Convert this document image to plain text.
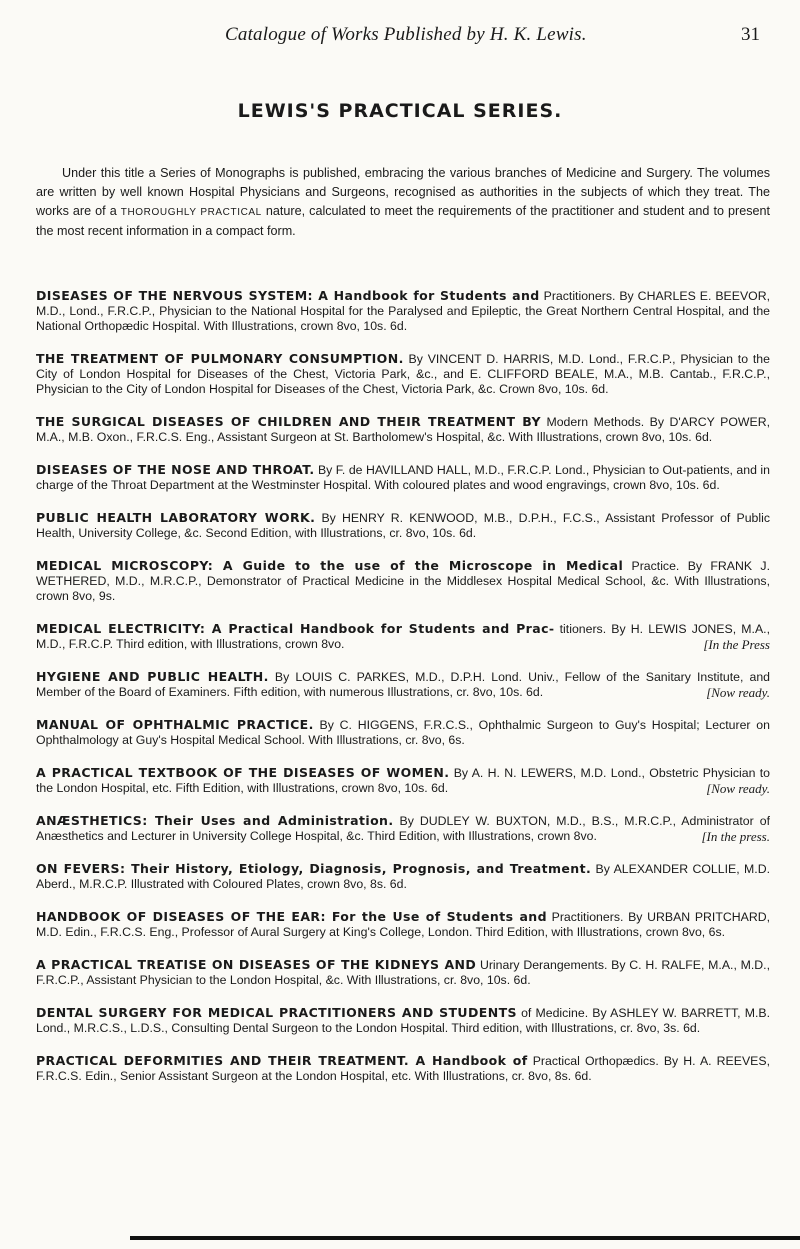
Catalogue of Works Published by H. K. Lewis.	31
LEWIS'S PRACTICAL SERIES.

Under this title a Series of Monographs is published, embracing the various branches of Medicine and Surgery. The volumes are written by well known Hospital Physicians and Surgeons, recognised as authorities in the subjects of which they treat. The works are of a THOROUGHLY PRACTICAL nature, calculated to meet the requirements of the practitioner and student and to present the most recent information in a compact form.

DISEASES OF THE NERVOUS SYSTEM: A Handbook for Students and Practitioners. By CHARLES E. BEEVOR, M.D., Lond., F.R.C.P., Physician to the National Hospital for the Paralysed and Epileptic, the Great Northern Central Hospital, and the National Orthopædic Hospital. With Illustrations, crown 8vo, 10s. 6d.

THE TREATMENT OF PULMONARY CONSUMPTION. By VINCENT D. HARRIS, M.D. Lond., F.R.C.P., Physician to the City of London Hospital for Diseases of the Chest, Victoria Park, &c., and E. CLIFFORD BEALE, M.A., M.B. Cantab., F.R.C.P., Physician to the City of London Hospital for Diseases of the Chest, Victoria Park, &c. Crown 8vo, 10s. 6d.

THE SURGICAL DISEASES OF CHILDREN AND THEIR TREATMENT BY Modern Methods. By D'ARCY POWER, M.A., M.B. Oxon., F.R.C.S. Eng., Assistant Surgeon at St. Bartholomew's Hospital, &c. With Illustrations, crown 8vo, 10s. 6d.

DISEASES OF THE NOSE AND THROAT. By F. de HAVILLAND HALL, M.D., F.R.C.P. Lond., Physician to Out-patients, and in charge of the Throat Department at the Westminster Hospital. With coloured plates and wood engravings, crown 8vo, 10s. 6d.

PUBLIC HEALTH LABORATORY WORK. By HENRY R. KENWOOD, M.B., D.P.H., F.C.S., Assistant Professor of Public Health, University College, &c. Second Edition, with Illustrations, cr. 8vo, 10s. 6d.

MEDICAL MICROSCOPY: A Guide to the use of the Microscope in Medical Practice. By FRANK J. WETHERED, M.D., M.R.C.P., Demonstrator of Practical Medicine in the Middlesex Hospital Medical School, &c. With Illustrations, crown 8vo, 9s.

MEDICAL ELECTRICITY: A Practical Handbook for Students and Prac- titioners. By H. LEWIS JONES, M.A., M.D., F.R.C.P. Third edition, with Illustrations, crown 8vo.	[In the Press

HYGIENE AND PUBLIC HEALTH. By LOUIS C. PARKES, M.D., D.P.H. Lond. Univ., Fellow of the Sanitary Institute, and Member of the Board of Examiners. Fifth edition, with numerous Illustrations, cr. 8vo, 10s. 6d.	[Now ready.

MANUAL OF OPHTHALMIC PRACTICE. By C. HIGGENS, F.R.C.S., Ophthalmic Surgeon to Guy's Hospital; Lecturer on Ophthalmology at Guy's Hospital Medical School. With Illustrations, cr. 8vo, 6s.

A PRACTICAL TEXTBOOK OF THE DISEASES OF WOMEN. By A. H. N. LEWERS, M.D. Lond., Obstetric Physician to the London Hospital, etc. Fifth Edition, with Illustrations, crown 8vo, 10s. 6d.	[Now ready.

ANÆSTHETICS: Their Uses and Administration. By DUDLEY W. BUXTON, M.D., B.S., M.R.C.P., Administrator of Anæsthetics and Lecturer in University College Hospital, &c. Third Edition, with Illustrations, crown 8vo.	[In the press.

ON FEVERS: Their History, Etiology, Diagnosis, Prognosis, and Treatment. By ALEXANDER COLLIE, M.D. Aberd., M.R.C.P. Illustrated with Coloured Plates, crown 8vo, 8s. 6d.

HANDBOOK OF DISEASES OF THE EAR: For the Use of Students and Practitioners. By URBAN PRITCHARD, M.D. Edin., F.R.C.S. Eng., Professor of Aural Surgery at King's College, London. Third Edition, with Illustrations, crown 8vo, 6s.

A PRACTICAL TREATISE ON DISEASES OF THE KIDNEYS AND Urinary Derangements. By C. H. RALFE, M.A., M.D., F.R.C.P., Assistant Physician to the London Hospital, &c. With Illustrations, cr. 8vo, 10s. 6d.

DENTAL SURGERY FOR MEDICAL PRACTITIONERS AND STUDENTS of Medicine. By ASHLEY W. BARRETT, M.B. Lond., M.R.C.S., L.D.S., Consulting Dental Surgeon to the London Hospital. Third edition, with Illustrations, cr. 8vo, 3s. 6d.

PRACTICAL DEFORMITIES AND THEIR TREATMENT. A Handbook of Practical Orthopædics. By H. A. REEVES, F.R.C.S. Edin., Senior Assistant Surgeon at the London Hospital, etc. With Illustrations, cr. 8vo, 8s. 6d.
